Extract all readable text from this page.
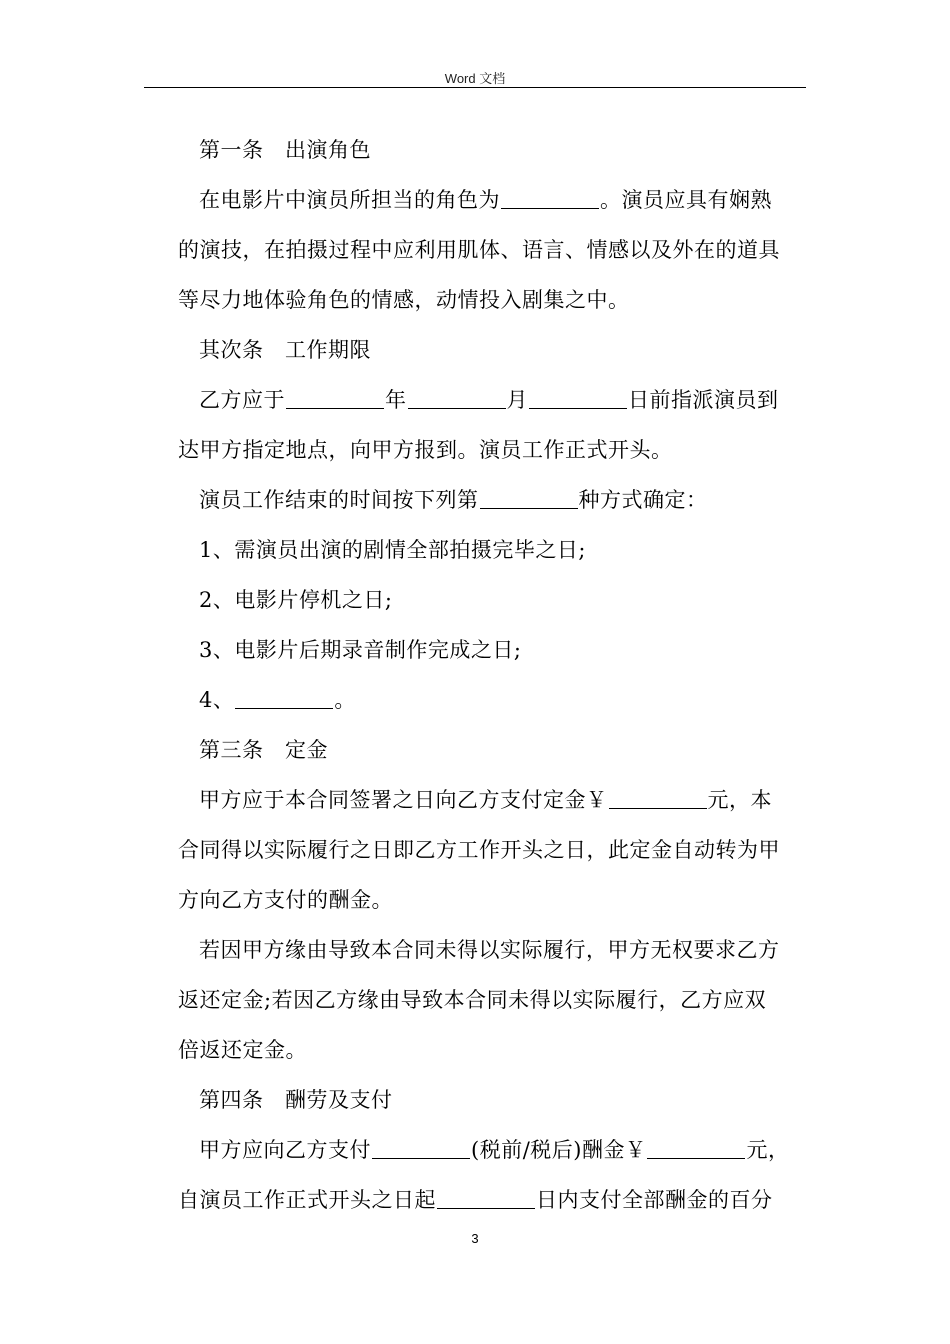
Word 文档
第一条　出演角色
在电影片中演员所担当的角色为	。演员应具有娴熟
的演技，在拍摄过程中应利用肌体、语言、情感以及外在的道具
等尽力地体验角色的情感，动情投入剧集之中。
其次条　工作期限
乙方应于	年	月	日前指派演员到
达甲方指定地点，向甲方报到。演员工作正式开头。
演员工作结束的时间按下列第	种方式确定：
1、需演员出演的剧情全部拍摄完毕之日;
2、电影片停机之日;
3、电影片后期录音制作完成之日;
4、	。
第三条　定金
甲方应于本合同签署之日向乙方支付定金￥	元，本
合同得以实际履行之日即乙方工作开头之日，此定金自动转为甲
方向乙方支付的酬金。
若因甲方缘由导致本合同未得以实际履行，甲方无权要求乙方
返还定金;若因乙方缘由导致本合同未得以实际履行，乙方应双
倍返还定金。
第四条　酬劳及支付
甲方应向乙方支付	(税前/税后)酬金￥	元，
自演员工作正式开头之日起	日内支付全部酬金的百分
3
